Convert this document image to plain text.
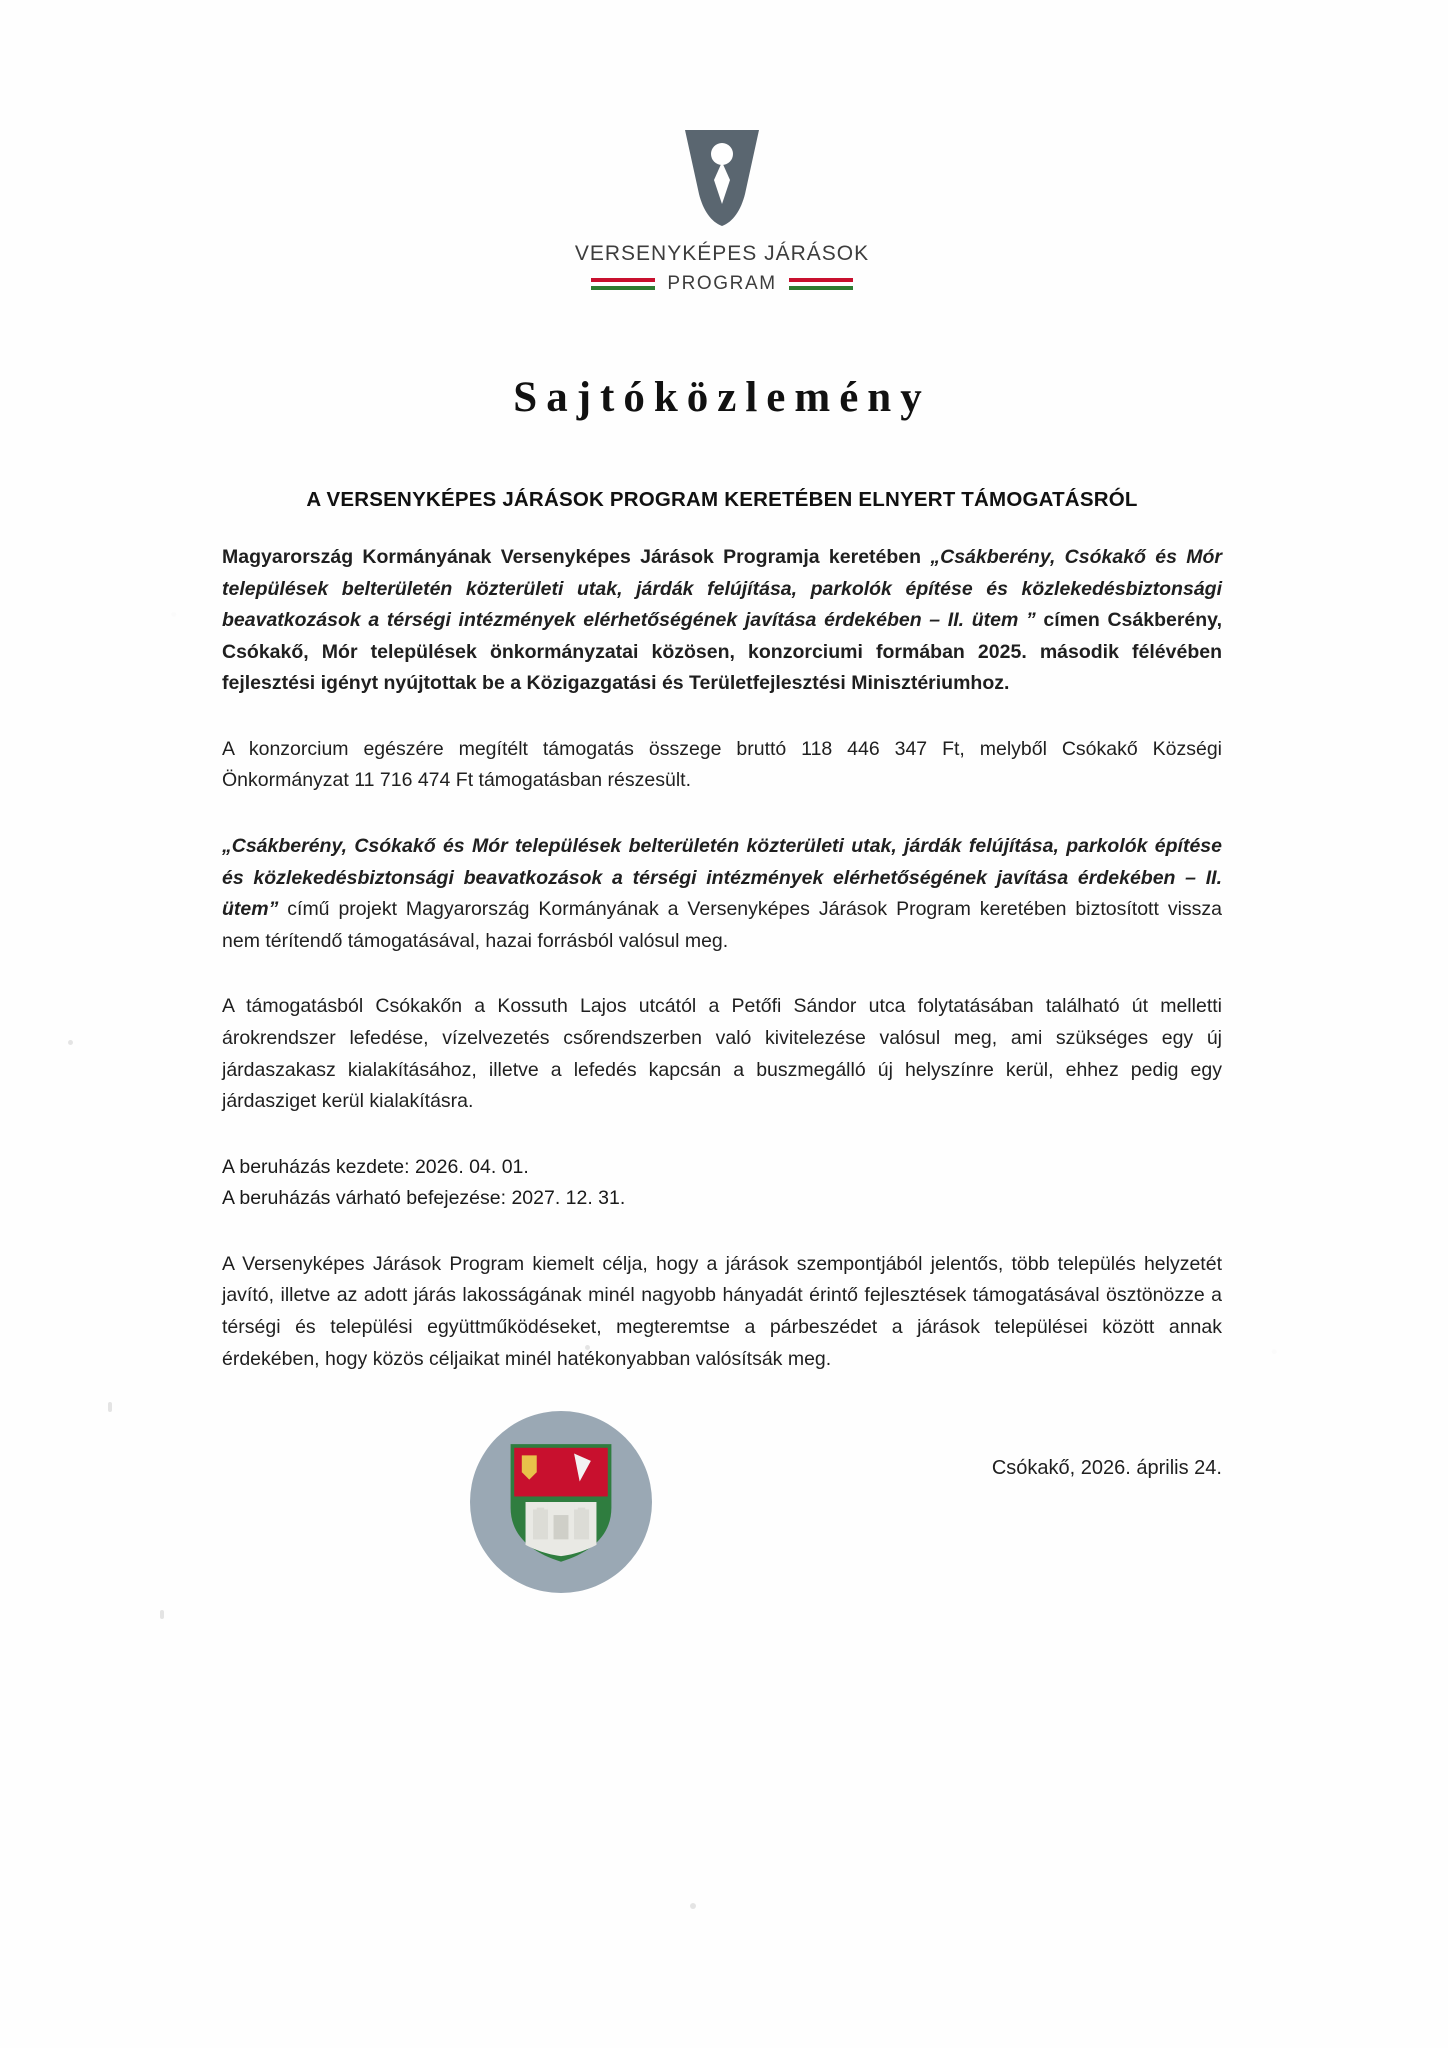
VERSENYKÉPES JÁRÁSOK
PROGRAM
Sajtóközlemény
A VERSENYKÉPES JÁRÁSOK PROGRAM KERETÉBEN ELNYERT TÁMOGATÁSRÓL

Magyarország Kormányának Versenyképes Járások Programja keretében „Csákberény, Csókakő és Mór települések belterületén közterületi utak, járdák felújítása, parkolók építése és közlekedésbiztonsági beavatkozások a térségi intézmények elérhetőségének javítása érdekében – II. ütem ” címen Csákberény, Csókakő, Mór települések önkormányzatai közösen, konzorciumi formában 2025. második félévében fejlesztési igényt nyújtottak be a Közigazgatási és Területfejlesztési Minisztériumhoz.

A konzorcium egészére megítélt támogatás összege bruttó 118 446 347 Ft, melyből Csókakő Községi Önkormányzat 11 716 474 Ft támogatásban részesült.

„Csákberény, Csókakő és Mór települések belterületén közterületi utak, járdák felújítása, parkolók építése és közlekedésbiztonsági beavatkozások a térségi intézmények elérhetőségének javítása érdekében – II. ütem” című projekt Magyarország Kormányának a Versenyképes Járások Program keretében biztosított vissza nem térítendő támogatásával, hazai forrásból valósul meg.

A támogatásból Csókakőn a Kossuth Lajos utcától a Petőfi Sándor utca folytatásában található út melletti árokrendszer lefedése, vízelvezetés csőrendszerben való kivitelezése valósul meg, ami szükséges egy új járdaszakasz kialakításához, illetve a lefedés kapcsán a buszmegálló új helyszínre kerül, ehhez pedig egy járdasziget kerül kialakításra.

A beruházás kezdete: 2026. 04. 01.

A beruházás várható befejezése: 2027. 12. 31.

A Versenyképes Járások Program kiemelt célja, hogy a járások szempontjából jelentős, több település helyzetét javító, illetve az adott járás lakosságának minél nagyobb hányadát érintő fejlesztések támogatásával ösztönözze a térségi és települési együttműködéseket, megteremtse a párbeszédet a járások települései között annak érdekében, hogy közös céljaikat minél hatékonyabban valósítsák meg.

Csókakő, 2026. április 24.
